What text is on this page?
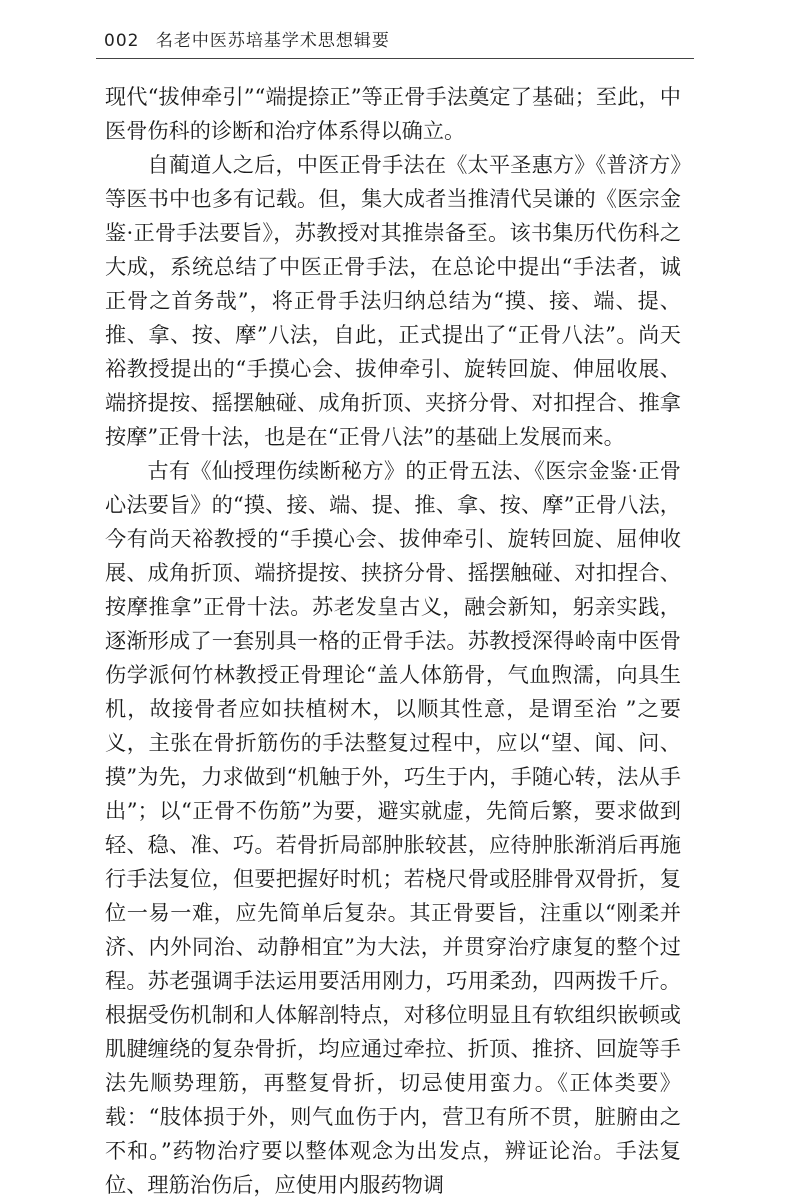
002 名老中医苏培基学术思想辑要

现代“拔伸牵引”“端提捺正”等正骨手法奠定了基础；至此，中医骨伤科的诊断和治疗体系得以确立。

自蔺道人之后，中医正骨手法在《太平圣惠方》《普济方》等医书中也多有记载。但，集大成者当推清代吴谦的《医宗金鉴·正骨手法要旨》，苏教授对其推崇备至。该书集历代伤科之大成，系统总结了中医正骨手法，在总论中提出“手法者，诚正骨之首务哉”，将正骨手法归纳总结为“摸、接、端、提、推、拿、按、摩”八法，自此，正式提出了“正骨八法”。尚天裕教授提出的“手摸心会、拔伸牵引、旋转回旋、伸屈收展、端挤提按、摇摆触碰、成角折顶、夹挤分骨、对扣捏合、推拿按摩”正骨十法，也是在“正骨八法”的基础上发展而来。

古有《仙授理伤续断秘方》的正骨五法、《医宗金鉴·正骨心法要旨》的“摸、接、端、提、推、拿、按、摩”正骨八法，今有尚天裕教授的“手摸心会、拔伸牵引、旋转回旋、屈伸收展、成角折顶、端挤提按、挟挤分骨、摇摆触碰、对扣捏合、按摩推拿”正骨十法。苏老发皇古义，融会新知，躬亲实践，逐渐形成了一套别具一格的正骨手法。苏教授深得岭南中医骨伤学派何竹林教授正骨理论“盖人体筋骨，气血煦濡，向具生机，故接骨者应如扶植树木，以顺其性意，是谓至治 ”之要义，主张在骨折筋伤的手法整复过程中，应以“望、闻、问、摸”为先，力求做到“机触于外，巧生于内，手随心转，法从手出”；以“正骨不伤筋”为要，避实就虚，先简后繁，要求做到轻、稳、准、巧。若骨折局部肿胀较甚，应待肿胀渐消后再施行手法复位，但要把握好时机；若桡尺骨或胫腓骨双骨折，复位一易一难，应先简单后复杂。其正骨要旨，注重以“刚柔并济、内外同治、动静相宜”为大法，并贯穿治疗康复的整个过程。苏老强调手法运用要活用刚力，巧用柔劲，四两拨千斤。根据受伤机制和人体解剖特点，对移位明显且有软组织嵌顿或肌腱缠绕的复杂骨折，均应通过牵拉、折顶、推挤、回旋等手法先顺势理筋，再整复骨折，切忌使用蛮力。《正体类要》载：“肢体损于外，则气血伤于内，营卫有所不贯，脏腑由之不和。”药物治疗要以整体观念为出发点，辨证论治。手法复位、理筋治伤后，应使用内服药物调
